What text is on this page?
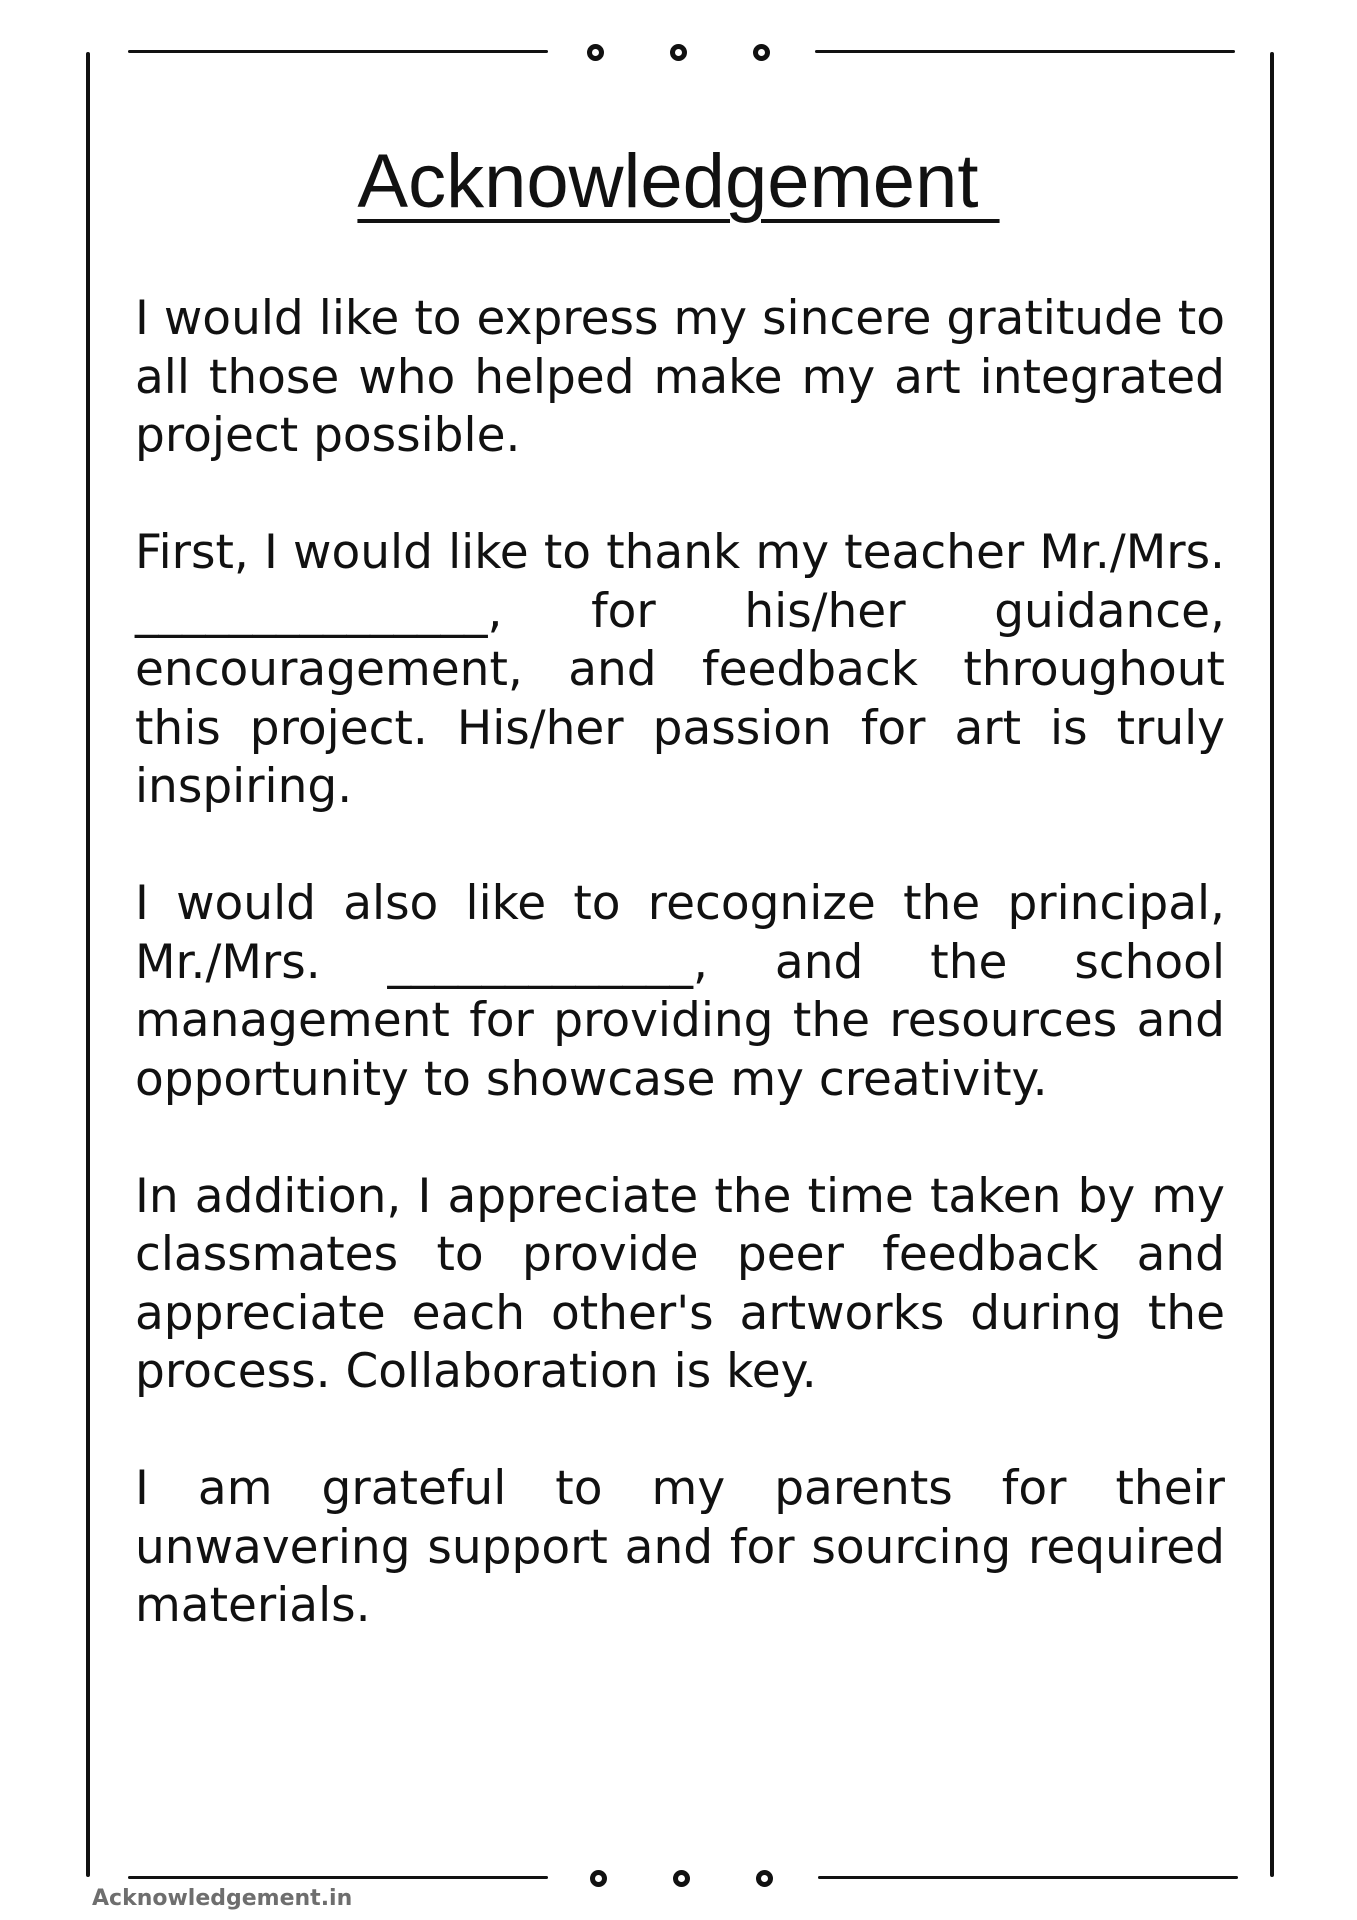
Acknowledgement

I would like to express my sincere gratitude to all those who helped make my art integrated project possible.

First, I would like to thank my teacher Mr./Mrs. _______________, for his/her guidance, encouragement, and feedback throughout this project. His/her passion for art is truly inspiring.

I would also like to recognize the principal, Mr./Mrs. _____________, and the school management for providing the resources and opportunity to showcase my creativity.

In addition, I appreciate the time taken by my classmates to provide peer feedback and appreciate each other's artworks during the process. Collaboration is key.

I am grateful to my parents for their unwavering support and for sourcing required materials.

Acknowledgement.in
